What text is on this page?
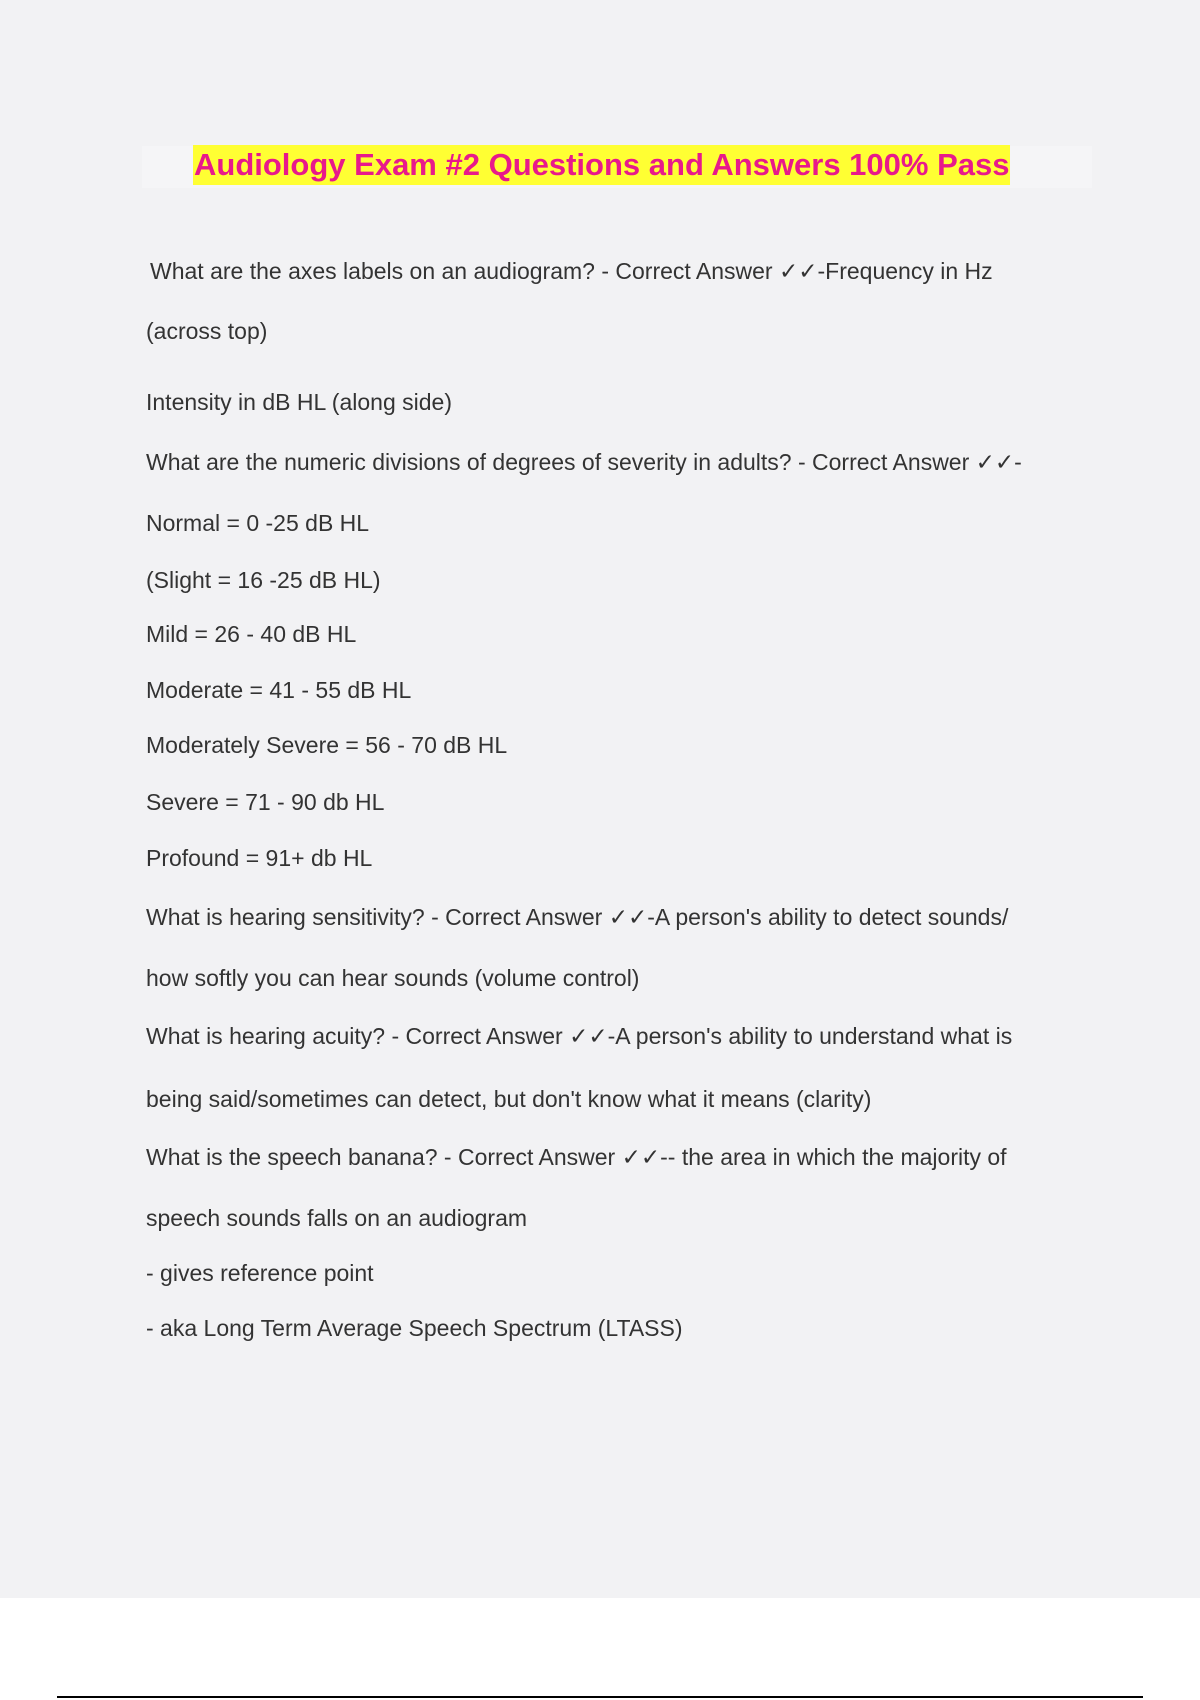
Audiology Exam #2 Questions and Answers 100% Pass
What are the axes labels on an audiogram? - Correct Answer ✓✓-Frequency in Hz
(across top)
Intensity in dB HL (along side)
What are the numeric divisions of degrees of severity in adults? - Correct Answer ✓✓-
Normal = 0 -25 dB HL
(Slight = 16 -25 dB HL)
Mild = 26 - 40 dB HL
Moderate = 41 - 55 dB HL
Moderately Severe = 56 - 70 dB HL
Severe = 71 - 90 db HL
Profound = 91+ db HL
What is hearing sensitivity? - Correct Answer ✓✓-A person's ability to detect sounds/
how softly you can hear sounds (volume control)
What is hearing acuity? - Correct Answer ✓✓-A person's ability to understand what is
being said/sometimes can detect, but don't know what it means (clarity)
What is the speech banana? - Correct Answer ✓✓-- the area in which the majority of
speech sounds falls on an audiogram
- gives reference point
- aka Long Term Average Speech Spectrum (LTASS)
